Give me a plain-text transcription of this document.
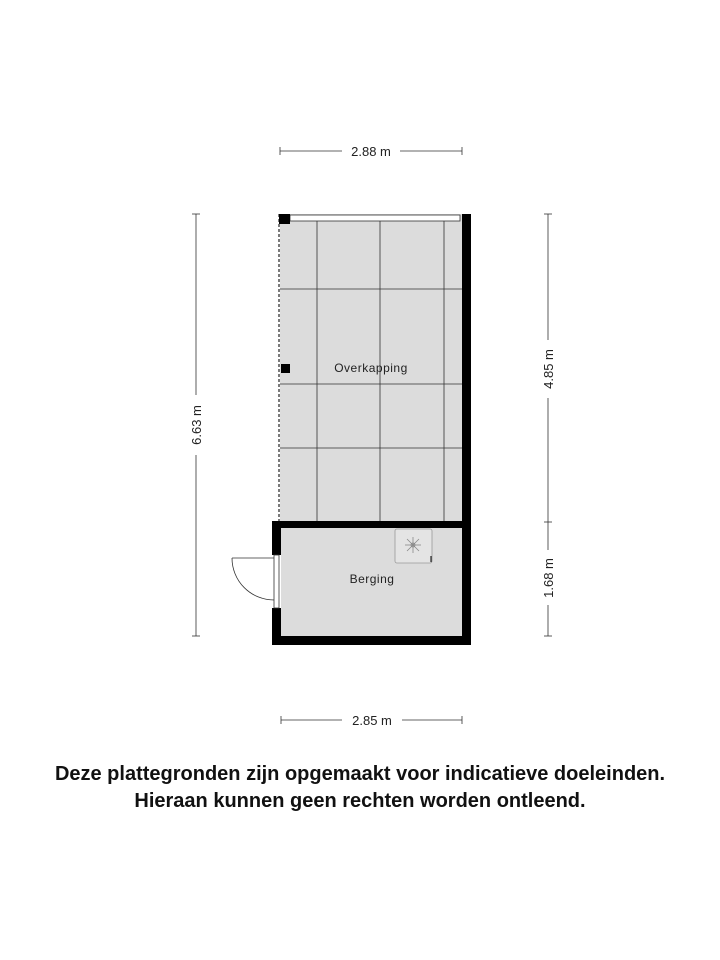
Overkapping
Berging
2.88 m
2.85 m
6.63 m
4.85 m
1.68 m
Deze plattegronden zijn opgemaakt voor indicatieve doeleinden.
Hieraan kunnen geen rechten worden ontleend.
